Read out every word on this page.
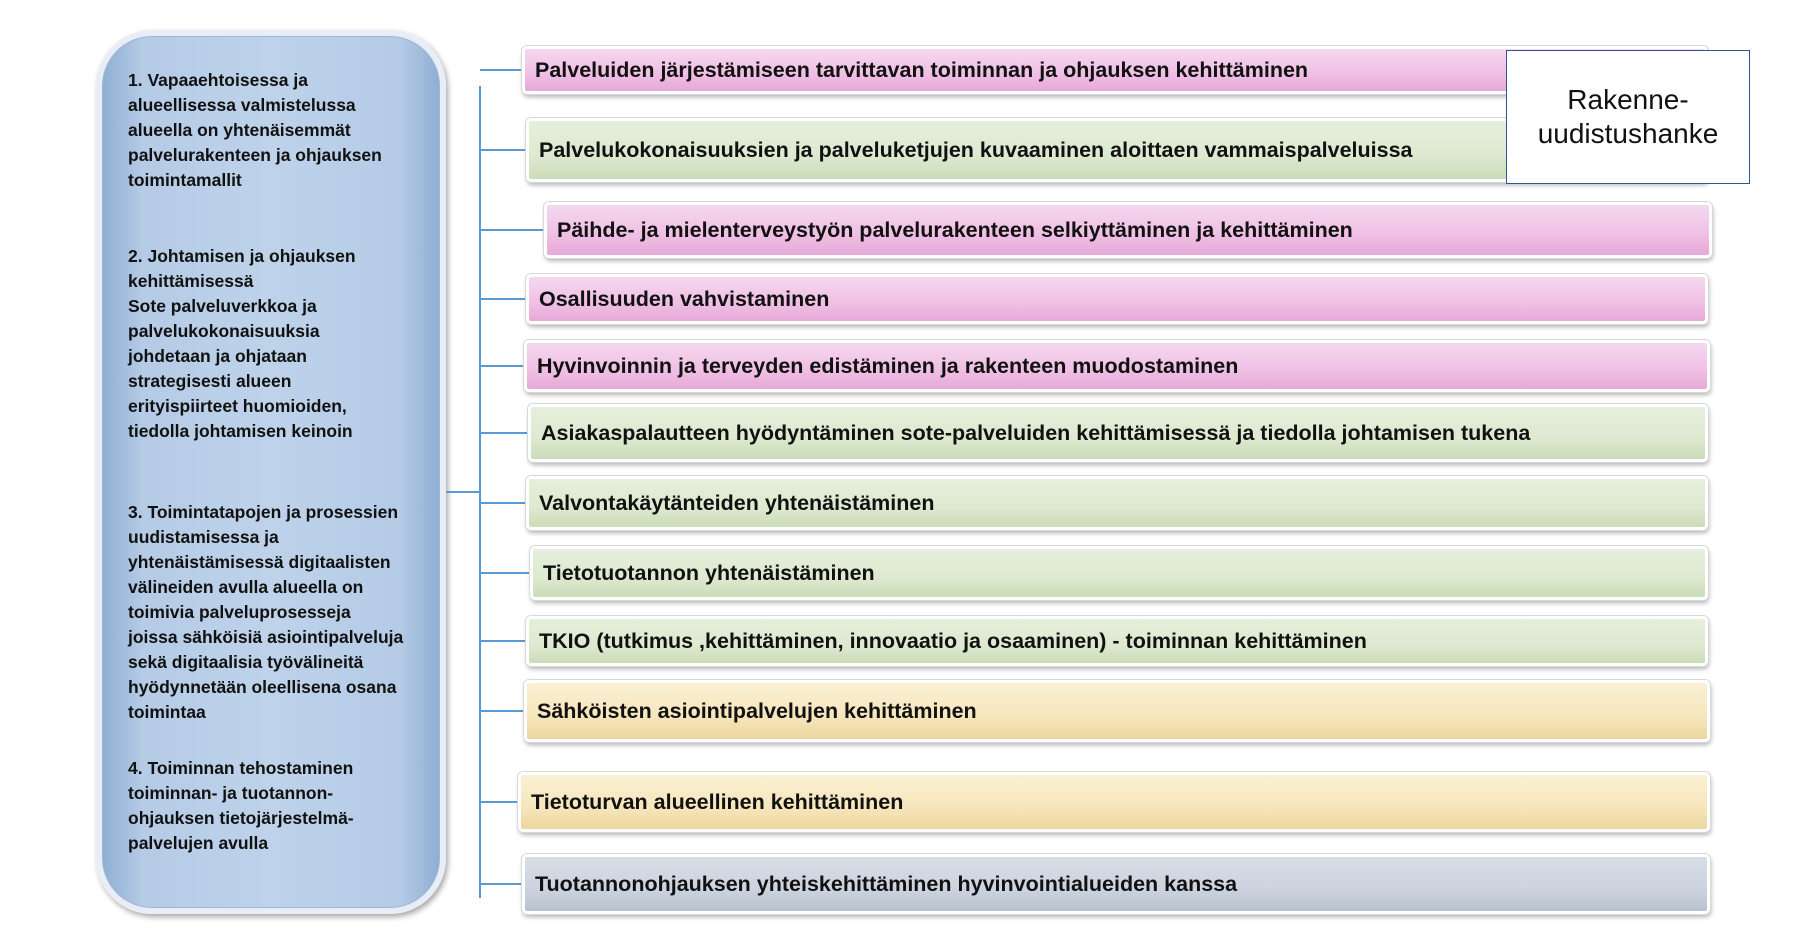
1. Vapaaehtoisessa ja
alueellisessa valmistelussa
alueella on yhtenäisemmät
palvelurakenteen ja ohjauksen
toimintamallit
2. Johtamisen ja ohjauksen
kehittämisessä
Sote palveluverkkoa ja
palvelukokonaisuuksia
johdetaan ja ohjataan
strategisesti alueen
erityispiirteet huomioiden,
tiedolla johtamisen keinoin
3. Toimintatapojen ja prosessien
uudistamisessa ja
yhtenäistämisessä digitaalisten
välineiden avulla alueella on
toimivia palveluprosesseja
joissa sähköisiä asiointipalveluja
sekä digitaalisia työvälineitä
hyödynnetään oleellisena osana
toimintaa
4. Toiminnan tehostaminen
toiminnan- ja tuotannon-
ohjauksen tietojärjestelmä-
palvelujen avulla
Palveluiden järjestämiseen tarvittavan toiminnan ja ohjauksen kehittäminen
Palvelukokonaisuuksien ja palveluketjujen kuvaaminen aloittaen vammaispalveluissa
Päihde- ja mielenterveystyön palvelurakenteen selkiyttäminen ja kehittäminen
Osallisuuden vahvistaminen
Hyvinvoinnin ja terveyden edistäminen ja rakenteen muodostaminen
Asiakaspalautteen hyödyntäminen sote-palveluiden kehittämisessä ja tiedolla johtamisen tukena
Valvontakäytänteiden yhtenäistäminen
Tietotuotannon yhtenäistäminen
TKIO (tutkimus ,kehittäminen, innovaatio ja osaaminen) - toiminnan kehittäminen
Sähköisten asiointipalvelujen kehittäminen
Tietoturvan alueellinen kehittäminen
Tuotannonohjauksen yhteiskehittäminen hyvinvointialueiden kanssa
Rakenne-
uudistushanke
